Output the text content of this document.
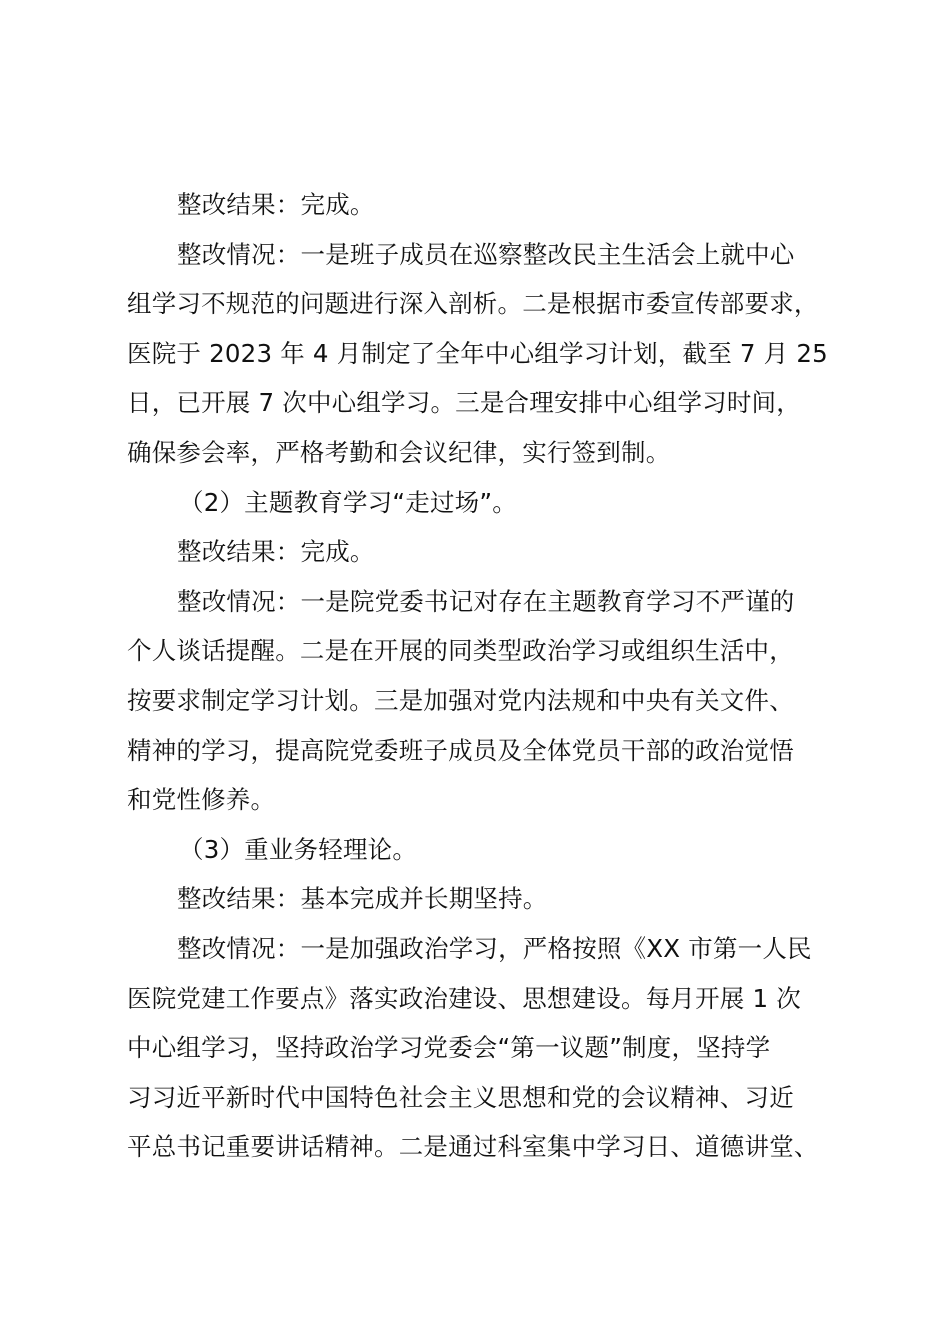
整改结果：完成。
整改情况：一是班子成员在巡察整改民主生活会上就中心
组学习不规范的问题进行深入剖析。二是根据市委宣传部要求，
医院于 2023 年 4 月制定了全年中心组学习计划，截至 7 月 25
日，已开展 7 次中心组学习。三是合理安排中心组学习时间，
确保参会率，严格考勤和会议纪律，实行签到制。
（2）主题教育学习“走过场”。
整改结果：完成。
整改情况：一是院党委书记对存在主题教育学习不严谨的
个人谈话提醒。二是在开展的同类型政治学习或组织生活中，
按要求制定学习计划。三是加强对党内法规和中央有关文件、
精神的学习，提高院党委班子成员及全体党员干部的政治觉悟
和党性修养。
（3）重业务轻理论。
整改结果：基本完成并长期坚持。
整改情况：一是加强政治学习，严格按照《XX 市第一人民
医院党建工作要点》落实政治建设、思想建设。每月开展 1 次
中心组学习，坚持政治学习党委会“第一议题”制度，坚持学
习习近平新时代中国特色社会主义思想和党的会议精神、习近
平总书记重要讲话精神。二是通过科室集中学习日、道德讲堂、
